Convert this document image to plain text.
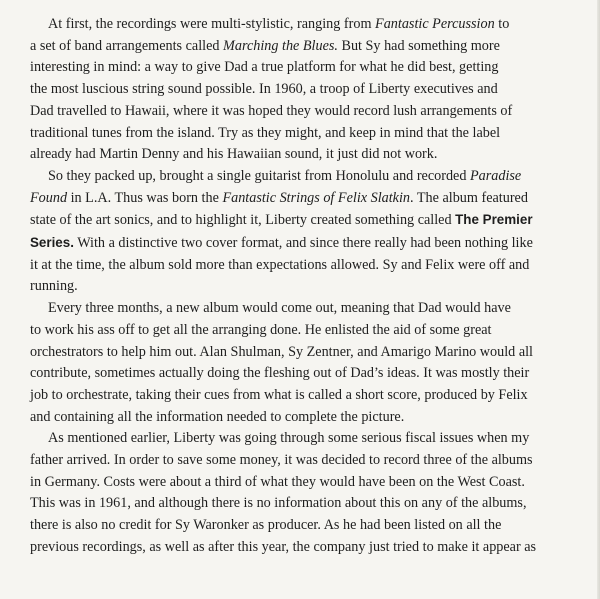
At first, the recordings were multi-stylistic, ranging from Fantastic Percussion to
a set of band arrangements called Marching the Blues. But Sy had something more
interesting in mind: a way to give Dad a true platform for what he did best, getting
the most luscious string sound possible. In 1960, a troop of Liberty executives and
Dad travelled to Hawaii, where it was hoped they would record lush arrangements of
traditional tunes from the island. Try as they might, and keep in mind that the label
already had Martin Denny and his Hawaiian sound, it just did not work.
So they packed up, brought a single guitarist from Honolulu and recorded Paradise
Found in L.A. Thus was born the Fantastic Strings of Felix Slatkin. The album featured
state of the art sonics, and to highlight it, Liberty created something called The Premier
Series. With a distinctive two cover format, and since there really had been nothing like
it at the time, the album sold more than expectations allowed. Sy and Felix were off and
running.
Every three months, a new album would come out, meaning that Dad would have
to work his ass off to get all the arranging done. He enlisted the aid of some great
orchestrators to help him out. Alan Shulman, Sy Zentner, and Amarigo Marino would all
contribute, sometimes actually doing the fleshing out of Dad’s ideas. It was mostly their
job to orchestrate, taking their cues from what is called a short score, produced by Felix
and containing all the information needed to complete the picture.
As mentioned earlier, Liberty was going through some serious fiscal issues when my
father arrived. In order to save some money, it was decided to record three of the albums
in Germany. Costs were about a third of what they would have been on the West Coast.
This was in 1961, and although there is no information about this on any of the albums,
there is also no credit for Sy Waronker as producer. As he had been listed on all the
previous recordings, as well as after this year, the company just tried to make it appear as
